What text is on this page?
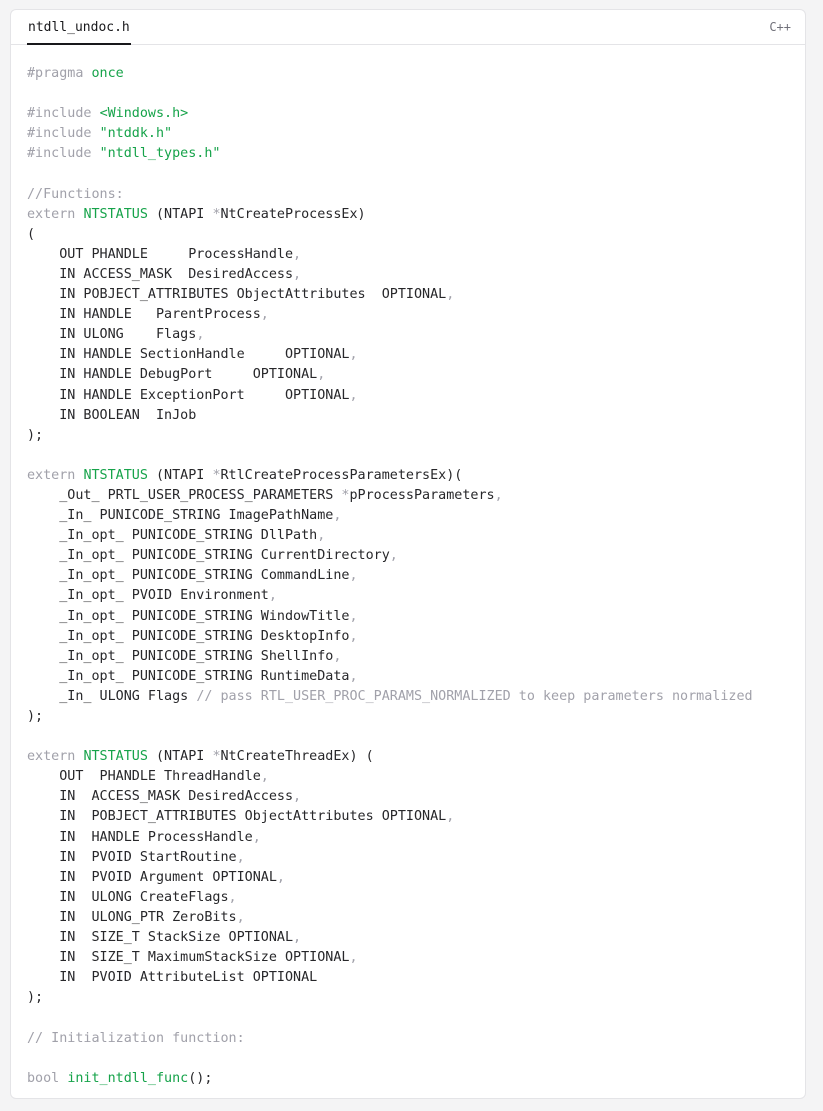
ntdll_undoc.h	C++
#pragma once
#include <Windows.h>
#include "ntddk.h"
#include "ntdll_types.h"
//Functions:
extern NTSTATUS (NTAPI *NtCreateProcessEx)
(
OUT PHANDLE     ProcessHandle,
IN ACCESS_MASK  DesiredAccess,
IN POBJECT_ATTRIBUTES ObjectAttributes  OPTIONAL,
IN HANDLE   ParentProcess,
IN ULONG    Flags,
IN HANDLE SectionHandle     OPTIONAL,
IN HANDLE DebugPort     OPTIONAL,
IN HANDLE ExceptionPort     OPTIONAL,
IN BOOLEAN  InJob
);
extern NTSTATUS (NTAPI *RtlCreateProcessParametersEx)(
_Out_ PRTL_USER_PROCESS_PARAMETERS *pProcessParameters,
_In_ PUNICODE_STRING ImagePathName,
_In_opt_ PUNICODE_STRING DllPath,
_In_opt_ PUNICODE_STRING CurrentDirectory,
_In_opt_ PUNICODE_STRING CommandLine,
_In_opt_ PVOID Environment,
_In_opt_ PUNICODE_STRING WindowTitle,
_In_opt_ PUNICODE_STRING DesktopInfo,
_In_opt_ PUNICODE_STRING ShellInfo,
_In_opt_ PUNICODE_STRING RuntimeData,
_In_ ULONG Flags // pass RTL_USER_PROC_PARAMS_NORMALIZED to keep parameters normalized
);
extern NTSTATUS (NTAPI *NtCreateThreadEx) (
OUT  PHANDLE ThreadHandle,
IN  ACCESS_MASK DesiredAccess,
IN  POBJECT_ATTRIBUTES ObjectAttributes OPTIONAL,
IN  HANDLE ProcessHandle,
IN  PVOID StartRoutine,
IN  PVOID Argument OPTIONAL,
IN  ULONG CreateFlags,
IN  ULONG_PTR ZeroBits,
IN  SIZE_T StackSize OPTIONAL,
IN  SIZE_T MaximumStackSize OPTIONAL,
IN  PVOID AttributeList OPTIONAL
);
// Initialization function:
bool init_ntdll_func();
